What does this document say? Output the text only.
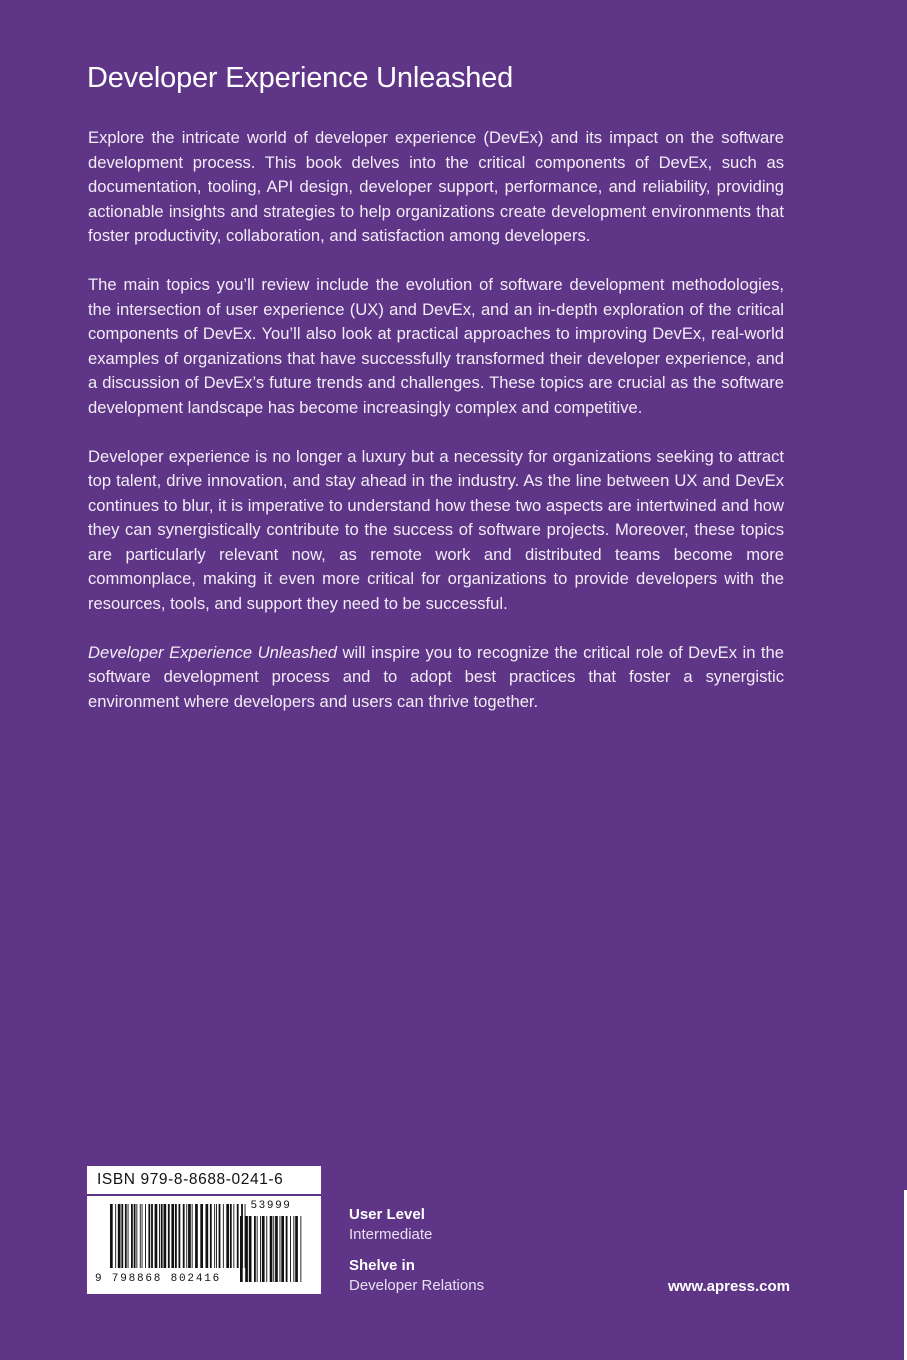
Developer Experience Unleashed

Explore the intricate world of developer experience (DevEx) and its impact on the software development process. This book delves into the critical components of DevEx, such as documentation, tooling, API design, developer support, performance, and reliability, providing actionable insights and strategies to help organizations create development environments that foster productivity, collaboration, and satisfaction among developers.

The main topics you’ll review include the evolution of software development methodologies, the intersection of user experience (UX) and DevEx, and an in-depth exploration of the critical components of DevEx. You’ll also look at practical approaches to improving DevEx, real-world examples of organizations that have successfully transformed their developer experience, and a discussion of DevEx’s future trends and challenges. These topics are crucial as the software development landscape has become increasingly complex and competitive.

Developer experience is no longer a luxury but a necessity for organizations seeking to attract top talent, drive innovation, and stay ahead in the industry. As the line between UX and DevEx continues to blur, it is imperative to understand how these two aspects are intertwined and how they can synergistically contribute to the success of software projects. Moreover, these topics are particularly relevant now, as remote work and distributed teams become more commonplace, making it even more critical for organizations to provide developers with the resources, tools, and support they need to be successful.

Developer Experience Unleashed will inspire you to recognize the critical role of DevEx in the software development process and to adopt best practices that foster a synergistic environment where developers and users can thrive together.

ISBN 979-8-8688-0241-6
53999
9 798868 802416
User Level
Intermediate
Shelve in
Developer Relations	www.apress.com
